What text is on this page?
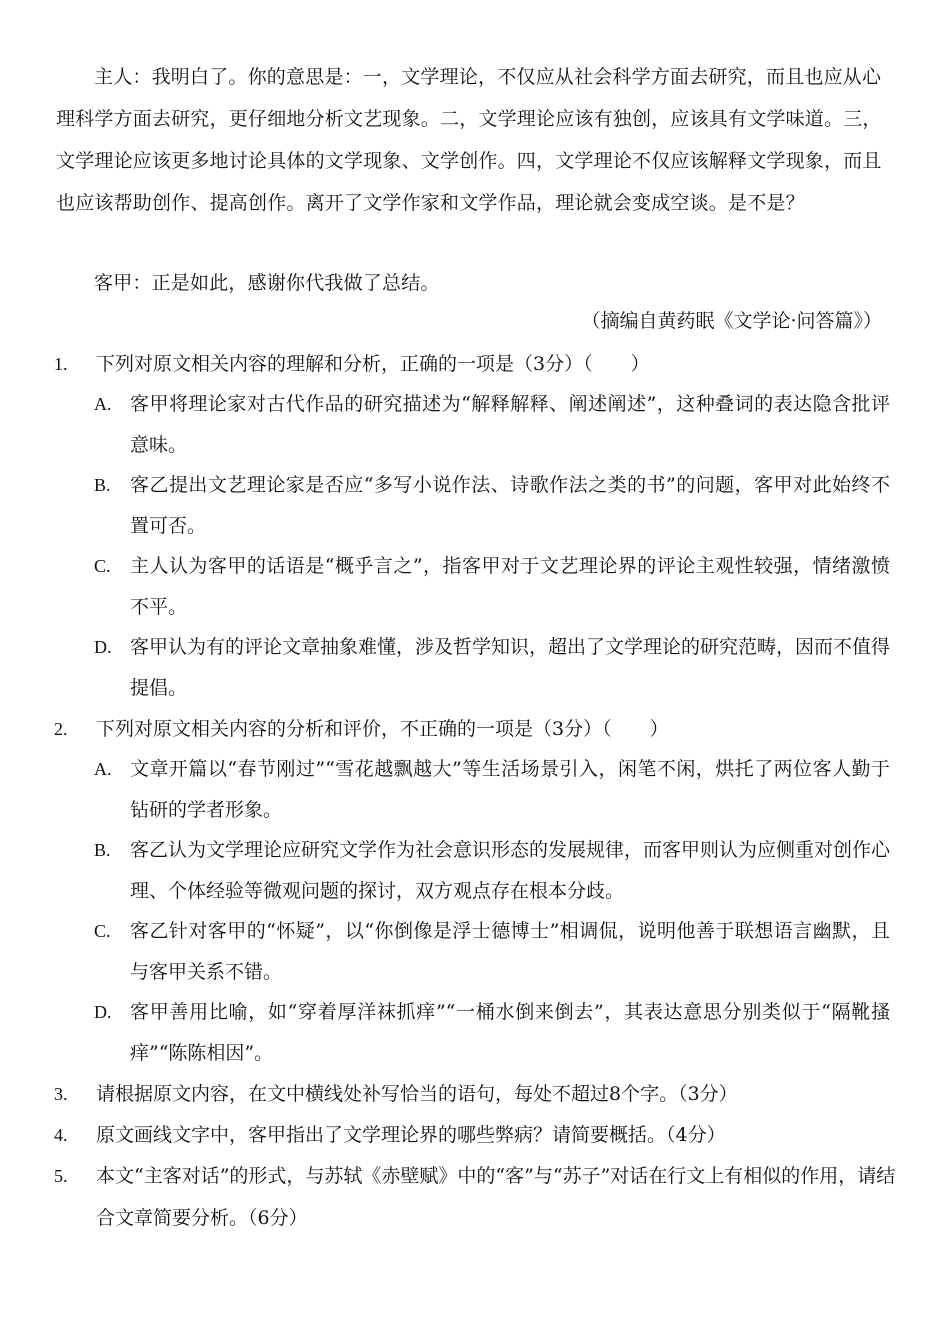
主人：我明白了。你的意思是：一，文学理论，不仅应从社会科学方面去研究，而且也应从心理科学方面去研究，更仔细地分析文艺现象。二，文学理论应该有独创，应该具有文学味道。三，文学理论应该更多地讨论具体的文学现象、文学创作。四，文学理论不仅应该解释文学现象，而且也应该帮助创作、提高创作。离开了文学作家和文学作品，理论就会变成空谈。是不是？

客甲：正是如此，感谢你代我做了总结。

（摘编自黄药眠《文学论·问答篇》）

1. 下列对原文相关内容的理解和分析，正确的一项是（3分）（　　）

A. 客甲将理论家对古代作品的研究描述为“解释解释、阐述阐述”，这种叠词的表达隐含批评意味。

B. 客乙提出文艺理论家是否应“多写小说作法、诗歌作法之类的书”的问题，客甲对此始终不置可否。

C. 主人认为客甲的话语是“概乎言之”，指客甲对于文艺理论界的评论主观性较强，情绪激愤不平。

D. 客甲认为有的评论文章抽象难懂，涉及哲学知识，超出了文学理论的研究范畴，因而不值得提倡。

2. 下列对原文相关内容的分析和评价，不正确的一项是（3分）（　　）

A. 文章开篇以“春节刚过”“雪花越飘越大”等生活场景引入，闲笔不闲，烘托了两位客人勤于钻研的学者形象。

B. 客乙认为文学理论应研究文学作为社会意识形态的发展规律，而客甲则认为应侧重对创作心理、个体经验等微观问题的探讨，双方观点存在根本分歧。

C. 客乙针对客甲的“怀疑”，以“你倒像是浮士德博士”相调侃，说明他善于联想语言幽默，且与客甲关系不错。

D. 客甲善用比喻，如“穿着厚洋袜抓痒”“一桶水倒来倒去”，其表达意思分别类似于“隔靴搔痒”“陈陈相因”。

3. 请根据原文内容，在文中横线处补写恰当的语句，每处不超过8个字。（3分）

4. 原文画线文字中，客甲指出了文学理论界的哪些弊病？请简要概括。（4分）

5. 本文“主客对话”的形式，与苏轼《赤壁赋》中的“客”与“苏子”对话在行文上有相似的作用，请结合文章简要分析。（6分）
